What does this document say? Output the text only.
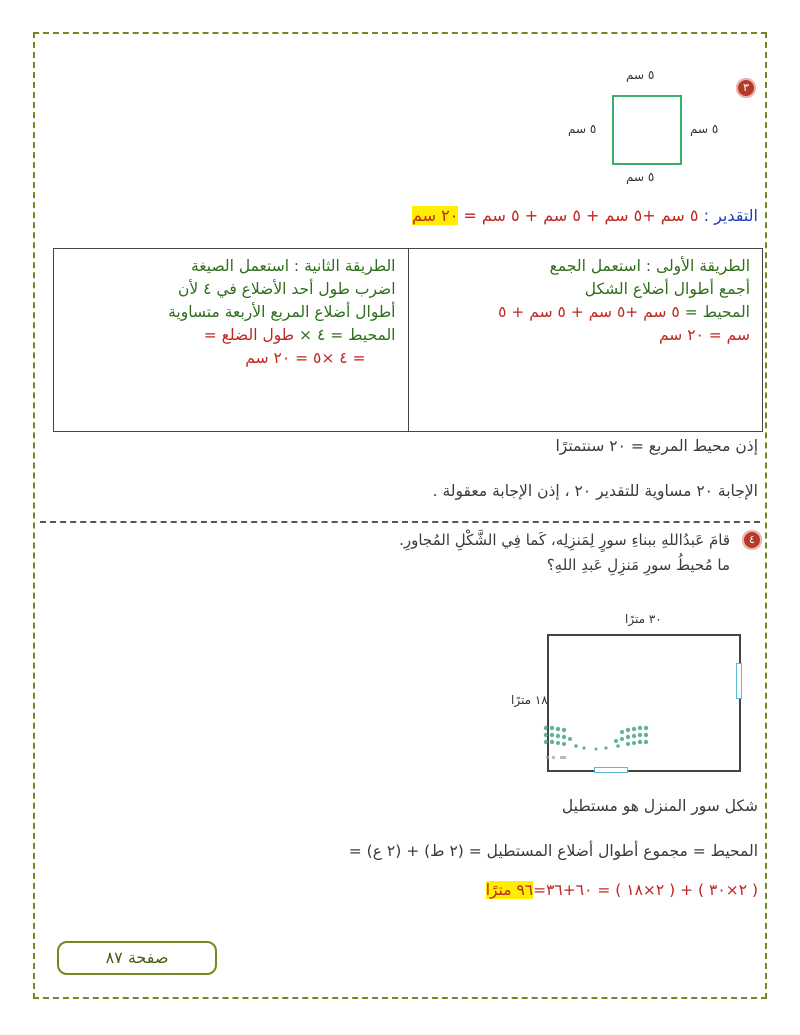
٣
٥ سم
٥ سم	٥ سم
٥ سم
التقدير : ٥ سم +٥ سم + ٥ سم + ٥ سم = ٢٠ سم
الطريقة الأولى : استعمل الجمع
أجمع أطوال أضلاع الشكل
المحيط = ٥ سم +٥ سم + ٥ سم + ٥
سم = ٢٠ سم

الطريقة الثانية : استعمل الصيغة
اضرب طول أحد الأضلاع في ٤ لأن
أطوال أضلاع المربع الأربعة متساوية
المحيط = ٤ × طول الضلع =
= ٤ ×٥ = ٢٠ سم
إذن محيط المربع = ٢٠ سنتمترًا
الإجابة ٢٠ مساوية للتقدير ٢٠ ، إذن الإجابة معقولة .
٤
قامَ عَبدُاللهِ ببناءِ سورٍ لِمَنزِلِه، كَما فِي الشَّكْلِ المُجاورِ.
ما مُحيطُ سورِ مَنزِلِ عَبدِ اللهِ؟
٣٠ مترًا
١٨ مترًا
شكل سور المنزل هو مستطيل
المحيط = مجموع أطوال أضلاع المستطيل = (٢ ط) + (٢ ع) =
( ٢×٣٠ ) + ( ٢×١٨ ) = ٦٠+٣٦=٩٦ مترًا
صفحة ٨٧
